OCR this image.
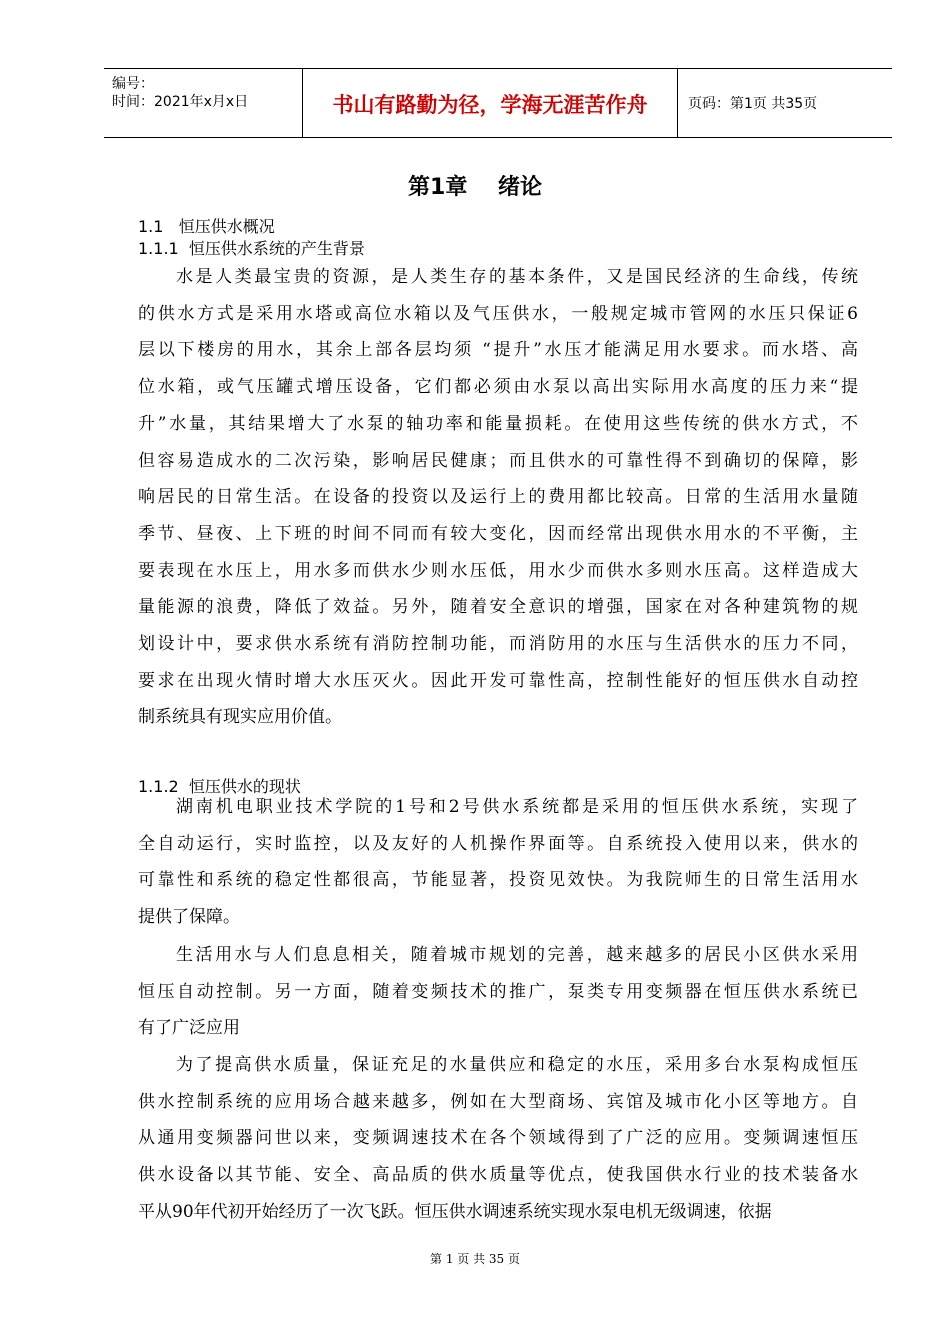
编号：
时间：2021年x月x日	书山有路勤为径，学海无涯苦作舟	页码：第1页 共35页
第1章    绪论
1.1   恒压供水概况
1.1.1  恒压供水系统的产生背景
水是人类最宝贵的资源，是人类生存的基本条件，又是国民经济的生命线，传统
的供水方式是采用水塔或高位水箱以及气压供水，一般规定城市管网的水压只保证6
层以下楼房的用水，其余上部各层均须 “提升”水压才能满足用水要求。而水塔、高
位水箱，或气压罐式增压设备，它们都必须由水泵以高出实际用水高度的压力来“提
升”水量，其结果增大了水泵的轴功率和能量损耗。在使用这些传统的供水方式，不
但容易造成水的二次污染，影响居民健康；而且供水的可靠性得不到确切的保障，影
响居民的日常生活。在设备的投资以及运行上的费用都比较高。日常的生活用水量随
季节、昼夜、上下班的时间不同而有较大变化，因而经常出现供水用水的不平衡，主
要表现在水压上，用水多而供水少则水压低，用水少而供水多则水压高。这样造成大
量能源的浪费，降低了效益。另外，随着安全意识的增强，国家在对各种建筑物的规
划设计中，要求供水系统有消防控制功能，而消防用的水压与生活供水的压力不同，
要求在出现火情时增大水压灭火。因此开发可靠性高，控制性能好的恒压供水自动控
制系统具有现实应用价值。
1.1.2  恒压供水的现状
湖南机电职业技术学院的1号和2号供水系统都是采用的恒压供水系统，实现了
全自动运行，实时监控，以及友好的人机操作界面等。自系统投入使用以来，供水的
可靠性和系统的稳定性都很高，节能显著，投资见效快。为我院师生的日常生活用水
提供了保障。
生活用水与人们息息相关，随着城市规划的完善，越来越多的居民小区供水采用
恒压自动控制。另一方面，随着变频技术的推广，泵类专用变频器在恒压供水系统已
有了广泛应用
为了提高供水质量，保证充足的水量供应和稳定的水压，采用多台水泵构成恒压
供水控制系统的应用场合越来越多，例如在大型商场、宾馆及城市化小区等地方。自
从通用变频器问世以来，变频调速技术在各个领域得到了广泛的应用。变频调速恒压
供水设备以其节能、安全、高品质的供水质量等优点，使我国供水行业的技术装备水
平从90年代初开始经历了一次飞跃。恒压供水调速系统实现水泵电机无级调速，依据
第 1 页 共 35 页
